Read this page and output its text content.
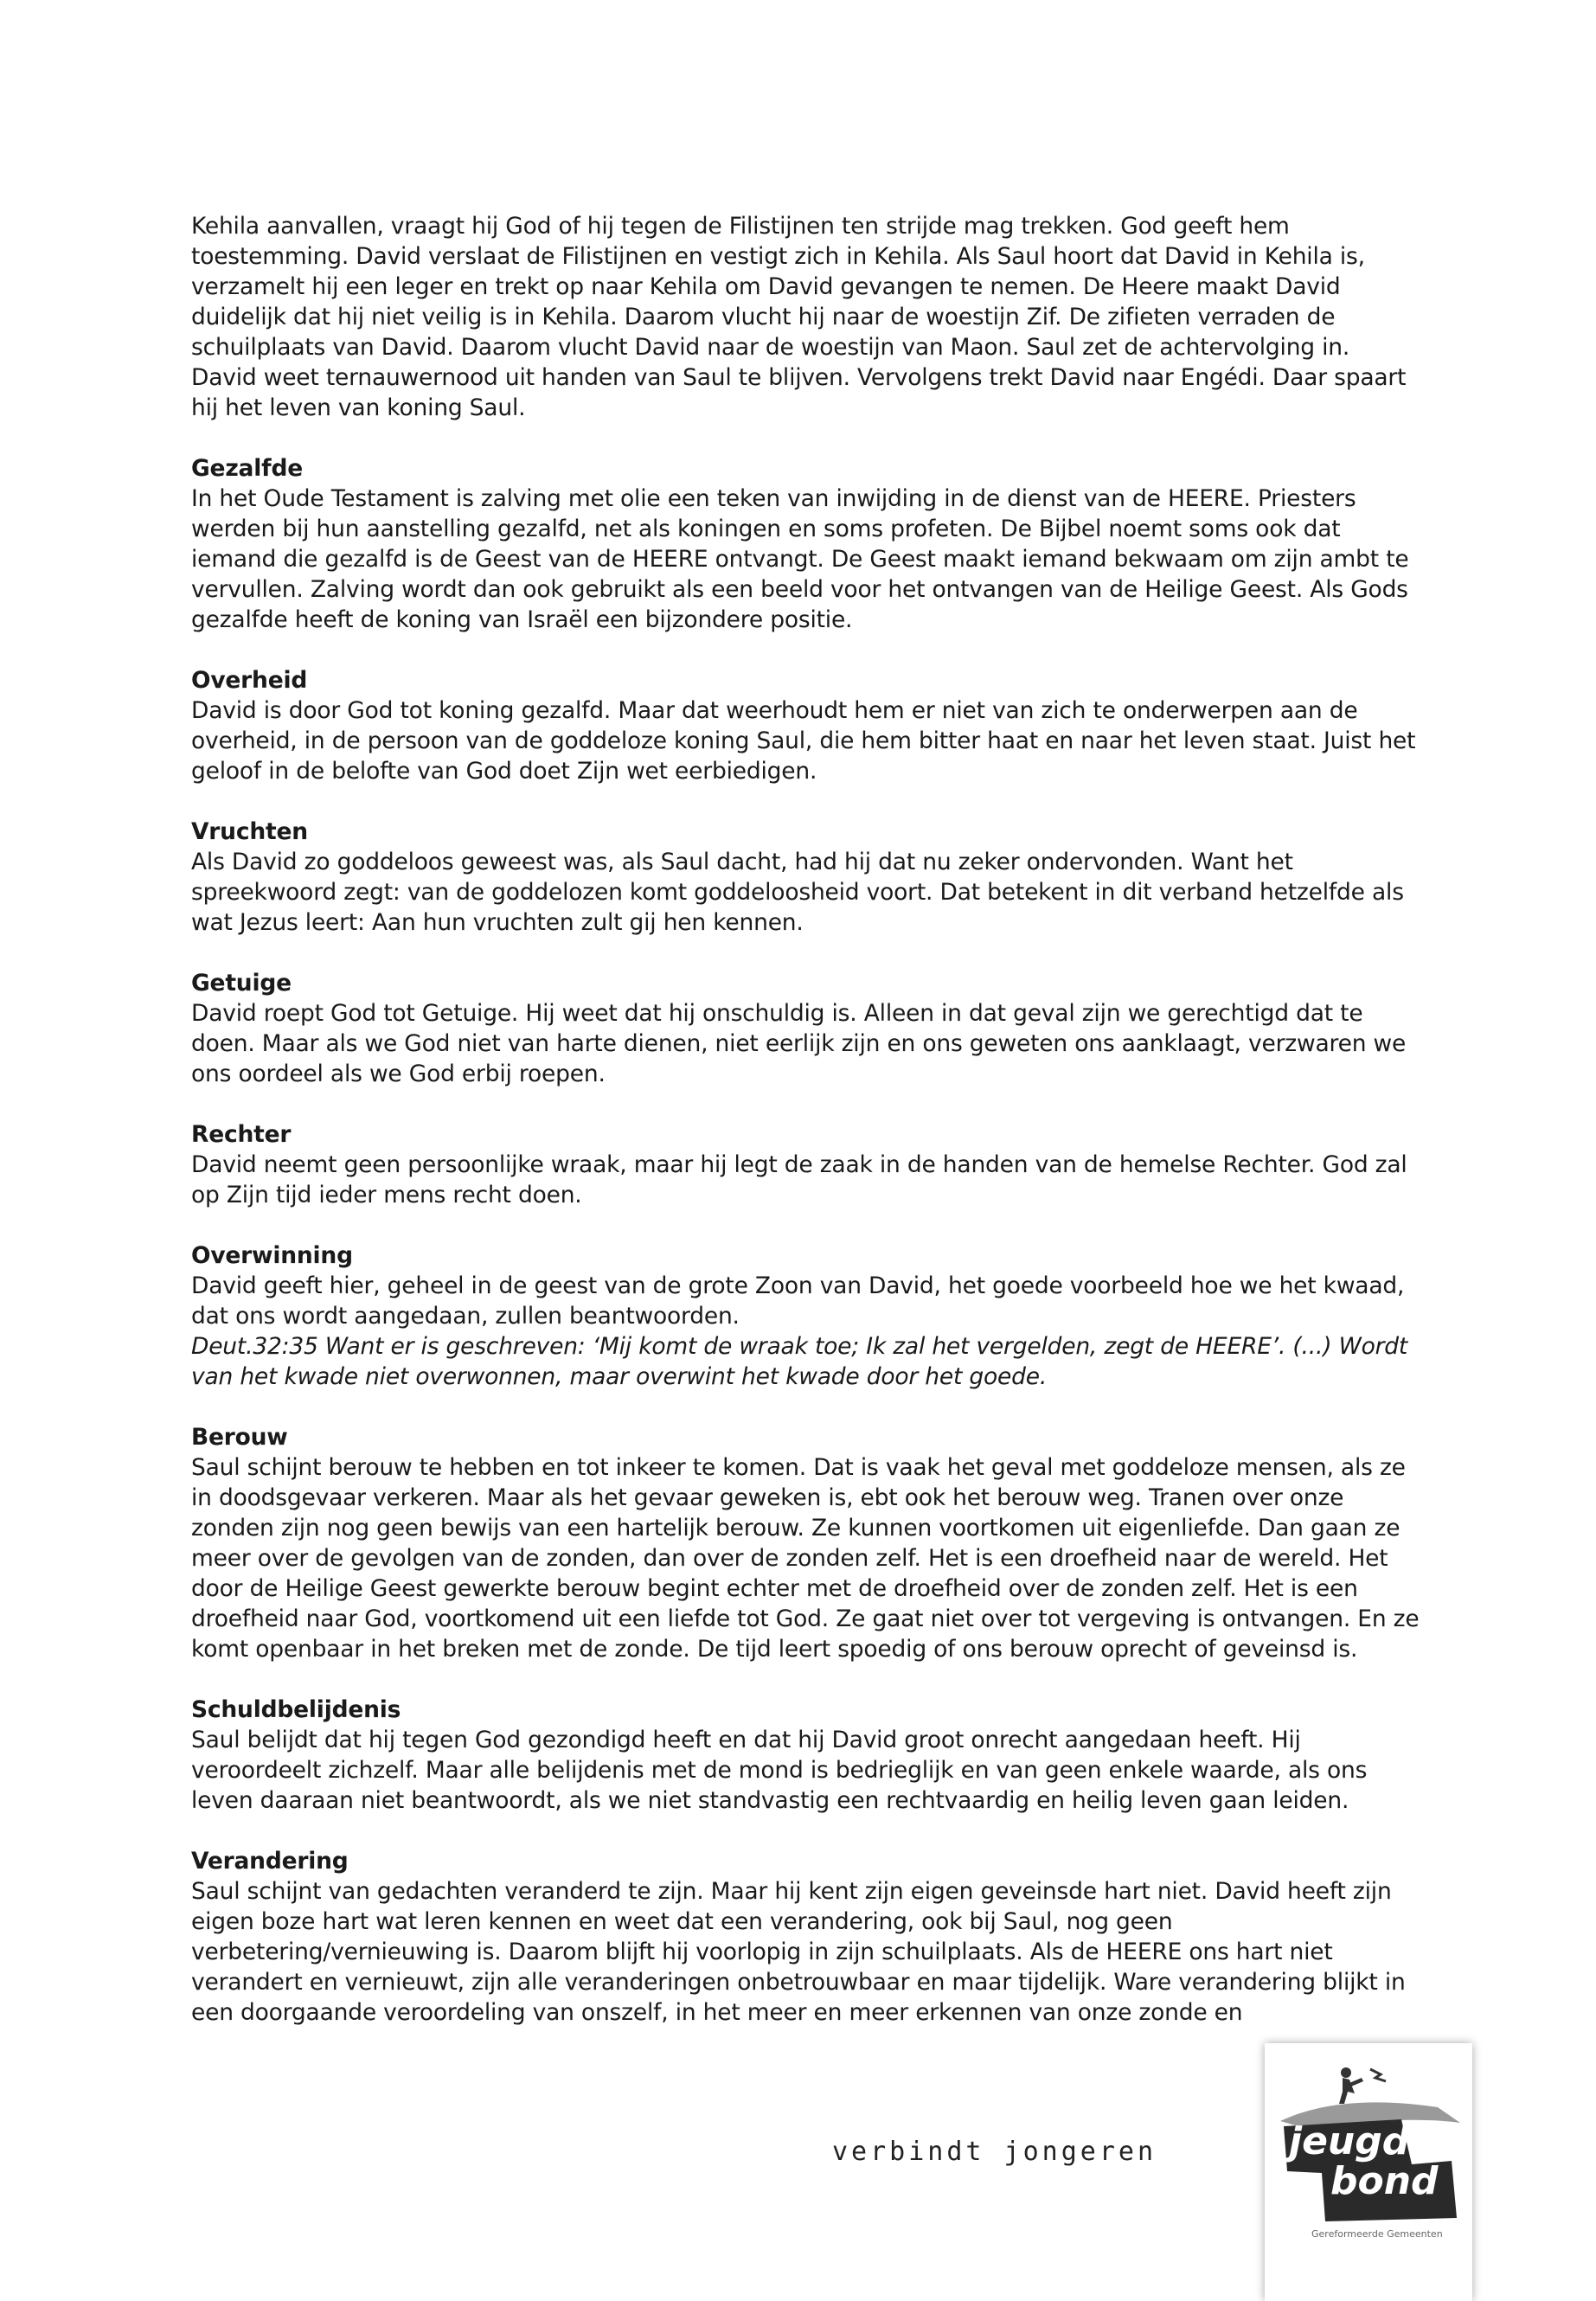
Kehila aanvallen, vraagt hij God of hij tegen de Filistijnen ten strijde mag trekken. God geeft hem toestemming. David verslaat de Filistijnen en vestigt zich in Kehila. Als Saul hoort dat David in Kehila is, verzamelt hij een leger en trekt op naar Kehila om David gevangen te nemen. De Heere maakt David duidelijk dat hij niet veilig is in Kehila. Daarom vlucht hij naar de woestijn Zif. De zifieten verraden de schuilplaats van David. Daarom vlucht David naar de woestijn van Maon. Saul zet de achtervolging in. David weet ternauwernood uit handen van Saul te blijven. Vervolgens trekt David naar Engédi. Daar spaart hij het leven van koning Saul.
Gezalfde
In het Oude Testament is zalving met olie een teken van inwijding in de dienst van de HEERE. Priesters werden bij hun aanstelling gezalfd, net als koningen en soms profeten. De Bijbel noemt soms ook dat iemand die gezalfd is de Geest van de HEERE ontvangt. De Geest maakt iemand bekwaam om zijn ambt te vervullen. Zalving wordt dan ook gebruikt als een beeld voor het ontvangen van de Heilige Geest. Als Gods gezalfde heeft de koning van Israël een bijzondere positie.
Overheid
David is door God tot koning gezalfd. Maar dat weerhoudt hem er niet van zich te onderwerpen aan de overheid, in de persoon van de goddeloze koning Saul, die hem bitter haat en naar het leven staat. Juist het geloof in de belofte van God doet Zijn wet eerbiedigen.
Vruchten
Als David zo goddeloos geweest was, als Saul dacht, had hij dat nu zeker ondervonden. Want het spreekwoord zegt: van de goddelozen komt goddeloosheid voort. Dat betekent in dit verband hetzelfde als wat Jezus leert: Aan hun vruchten zult gij hen kennen.
Getuige
David roept God tot Getuige. Hij weet dat hij onschuldig is. Alleen in dat geval zijn we gerechtigd dat te doen. Maar als we God niet van harte dienen, niet eerlijk zijn en ons geweten ons aanklaagt, verzwaren we ons oordeel als we God erbij roepen.
Rechter
David neemt geen persoonlijke wraak, maar hij legt de zaak in de handen van de hemelse Rechter. God zal op Zijn tijd ieder mens recht doen.
Overwinning
David geeft hier, geheel in de geest van de grote Zoon van David, het goede voorbeeld hoe we het kwaad, dat ons wordt aangedaan, zullen beantwoorden.
Deut.32:35 Want er is geschreven: ‘Mij komt de wraak toe; Ik zal het vergelden, zegt de HEERE’. (...) Wordt van het kwade niet overwonnen, maar overwint het kwade door het goede.
Berouw
Saul schijnt berouw te hebben en tot inkeer te komen. Dat is vaak het geval met goddeloze mensen, als ze in doodsgevaar verkeren. Maar als het gevaar geweken is, ebt ook het berouw weg. Tranen over onze zonden zijn nog geen bewijs van een hartelijk berouw. Ze kunnen voortkomen uit eigenliefde. Dan gaan ze meer over de gevolgen van de zonden, dan over de zonden zelf. Het is een droefheid naar de wereld. Het door de Heilige Geest gewerkte berouw begint echter met de droefheid over de zonden zelf. Het is een droefheid naar God, voortkomend uit een liefde tot God. Ze gaat niet over tot vergeving is ontvangen. En ze komt openbaar in het breken met de zonde. De tijd leert spoedig of ons berouw oprecht of geveinsd is.
Schuldbelijdenis
Saul belijdt dat hij tegen God gezondigd heeft en dat hij David groot onrecht aangedaan heeft. Hij veroordeelt zichzelf. Maar alle belijdenis met de mond is bedrieglijk en van geen enkele waarde, als ons leven daaraan niet beantwoordt, als we niet standvastig een rechtvaardig en heilig leven gaan leiden.
Verandering
Saul schijnt van gedachten veranderd te zijn. Maar hij kent zijn eigen geveinsde hart niet. David heeft zijn eigen boze hart wat leren kennen en weet dat een verandering, ook bij Saul, nog geen verbetering/vernieuwing is. Daarom blijft hij voorlopig in zijn schuilplaats. Als de HEERE ons hart niet verandert en vernieuwt, zijn alle veranderingen onbetrouwbaar en maar tijdelijk. Ware verandering blijkt in een doorgaande veroordeling van onszelf, in het meer en meer erkennen van onze zonde en
verbindt jongeren	jeugd
bond
Gereformeerde Gemeenten
